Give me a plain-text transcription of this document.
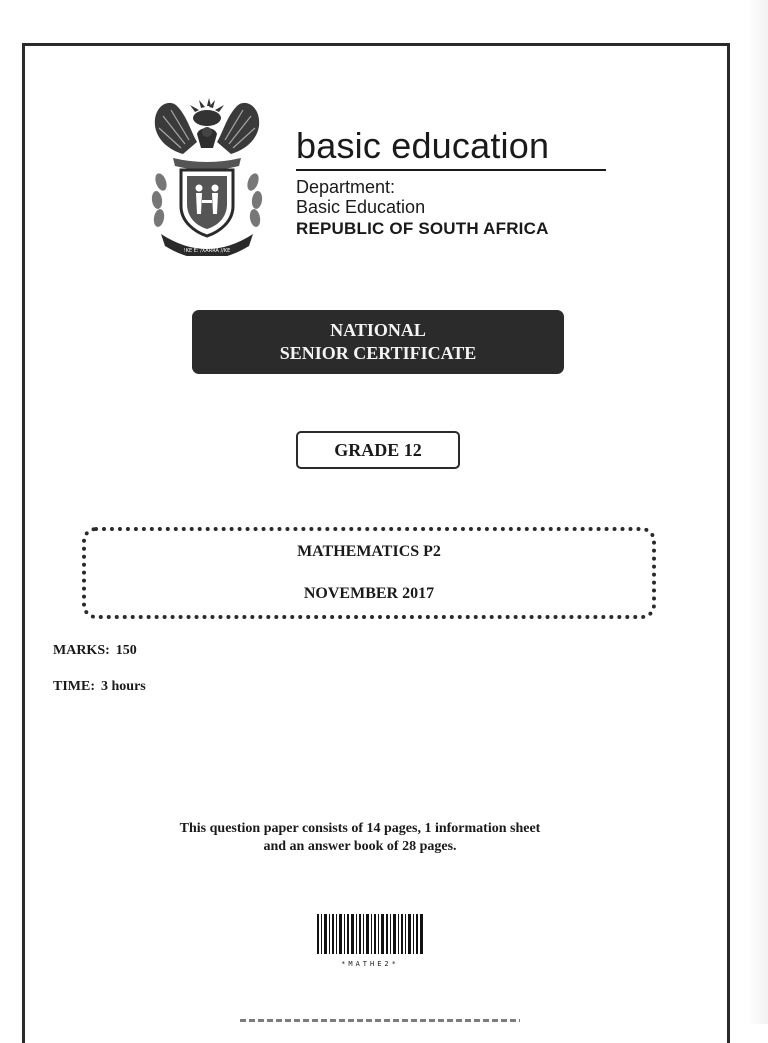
!KE E: /XARRA //KE
basic education
Department:
Basic Education
REPUBLIC OF SOUTH AFRICA
NATIONAL
SENIOR CERTIFICATE
GRADE 12
MATHEMATICS P2
NOVEMBER 2017
MARKS: 150
TIME: 3 hours
This question paper consists of 14 pages, 1 information sheet
and an answer book of 28 pages.
*MATHE2*
